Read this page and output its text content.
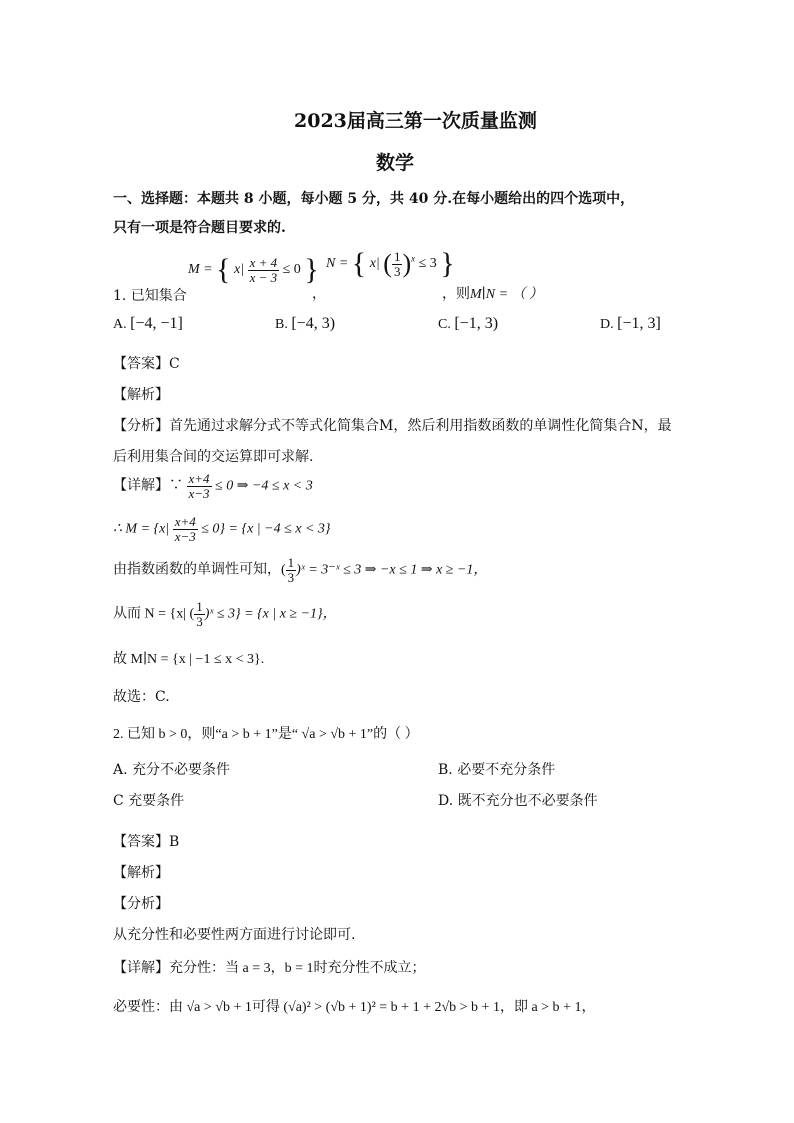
2023届高三第一次质量监测
数学
一、选择题：本题共 8 小题，每小题 5 分，共 40 分.在每小题给出的四个选项中，
只有一项是符合题目要求的.
1. 已知集合
M = { $x| \frac{x + 4}{x - 3} \le 0$ }
，
N = { x| ( $\frac{1}{3} )^x \le 3$ }
，则M∣N = （ ）
A. [−4, −1]	B. [−4, 3)	C. [−1, 3)	D. [−1, 3]
【答案】C
【解析】
【分析】首先通过求解分式不等式化简集合M，然后利用指数函数的单调性化简集合N，最
后利用集合间的交运算即可求解.
【详解】∵ $\frac{x+4}{x-3} \le 0$ ⇒ −4 ≤ x < 3
∴ $M = \{x| \frac{x+4}{x-3} \le 0\} = \{x$ | −4 ≤ x < 3}
由指数函数的单调性可知，( $\frac{1}{3}$ )ˣ = 3⁻ˣ ≤ 3 ⇒ −x ≤ 1 ⇒ x ≥ −1，
从而 N = {x| ( $\frac{1}{3}$ )ˣ ≤ 3} = {x | x ≥ −1}，
故 M∣N = {x | −1 ≤ x < 3}.
故选：C.
2. 已知 b > 0，则“a > b + 1”是“ √a > √b + 1”的（ ）
A. 充分不必要条件	B. 必要不充分条件
C 充要条件	D. 既不充分也不必要条件
【答案】B
【解析】
【分析】
从充分性和必要性两方面进行讨论即可.
【详解】充分性：当 a = 3，b = 1时充分性不成立；
必要性：由 √a > √b + 1可得 (√a)² > (√b + 1)² = b + 1 + 2√b > b + 1，即 a > b + 1，
